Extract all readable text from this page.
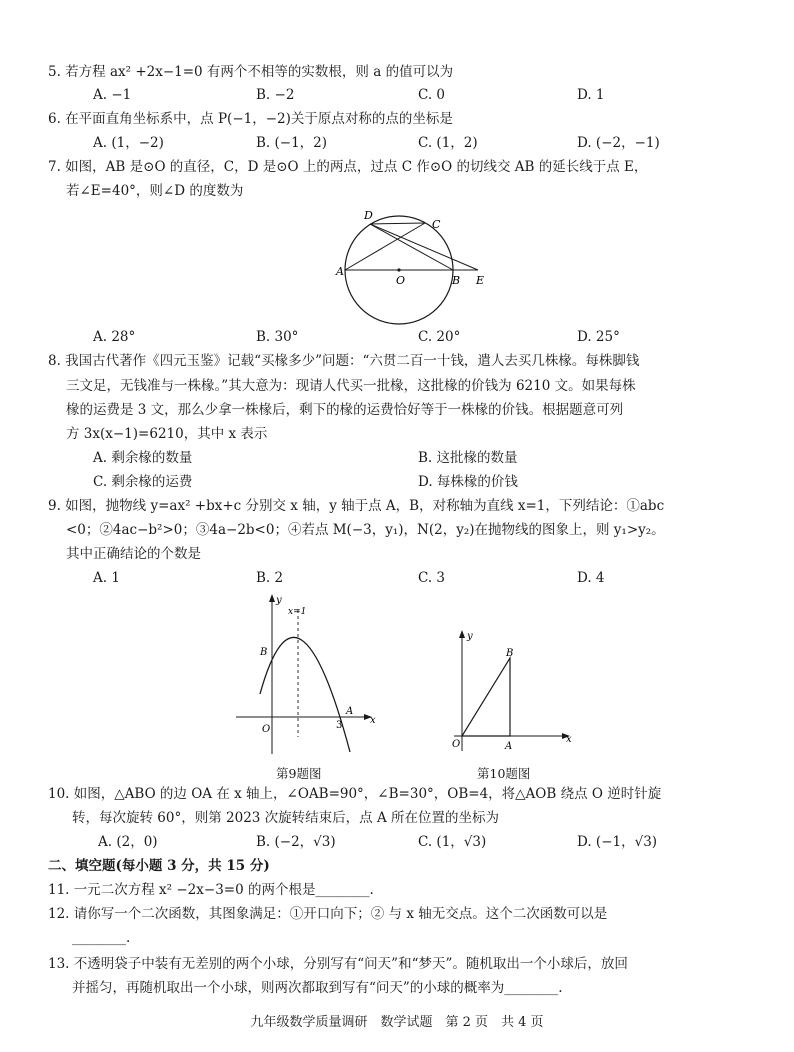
5. 若方程 ax² +2x−1=0 有两个不相等的实数根，则 a 的值可以为
A. −1	B. −2	C. 0	D. 1
6. 在平面直角坐标系中，点 P(−1，−2)关于原点对称的点的坐标是
A. (1，−2)	B. (−1，2)	C. (1，2)	D. (−2，−1)
7. 如图，AB 是⊙O 的直径，C，D 是⊙O 上的两点，过点 C 作⊙O 的切线交 AB 的延长线于点 E，
若∠E=40°，则∠D 的度数为
D
C
A
O	B E
A. 28°	B. 30°	C. 20°	D. 25°
8. 我国古代著作《四元玉鉴》记载“买椽多少”问题：“六贯二百一十钱，遣人去买几株椽。每株脚钱
三文足，无钱准与一株椽。”其大意为：现请人代买一批椽，这批椽的价钱为 6210 文。如果每株
椽的运费是 3 文，那么少拿一株椽后，剩下的椽的运费恰好等于一株椽的价钱。根据题意可列
方 3x(x−1)=6210，其中 x 表示
A. 剩余椽的数量	B. 这批椽的数量
C. 剩余椽的运费	D. 每株椽的价钱
9. 如图，抛物线 y=ax² +bx+c 分别交 x 轴，y 轴于点 A，B，对称轴为直线 x=1，下列结论：①abc
<0；②4ac−b²>0；③4a−2b<0；④若点 M(−3，y₁)，N(2，y₂)在抛物线的图象上，则 y₁>y₂。
其中正确结论的个数是
A. 1	B. 2	C. 3	D. 4
y
x
x=1
B
O	3
A
第9题图
y
x
B
O	A
第10题图
10. 如图，△ABO 的边 OA 在 x 轴上，∠OAB=90°，∠B=30°，OB=4，将△AOB 绕点 O 逆时针旋
转，每次旋转 60°，则第 2023 次旋转结束后，点 A 所在位置的坐标为
A. (2，0)	B. (−2，√3)	C. (1，√3)	D. (−1，√3)
二、填空题(每小题 3 分，共 15 分)
11. 一元二次方程 x² −2x−3=0 的两个根是________.
12. 请你写一个二次函数，其图象满足：①开口向下；② 与 x 轴无交点。这个二次函数可以是
________.
13. 不透明袋子中装有无差别的两个小球，分别写有“问天”和“梦天”。随机取出一个小球后，放回
并摇匀，再随机取出一个小球，则两次都取到写有“问天”的小球的概率为________.
九年级数学质量调研　数学试题　第 2 页　共 4 页
